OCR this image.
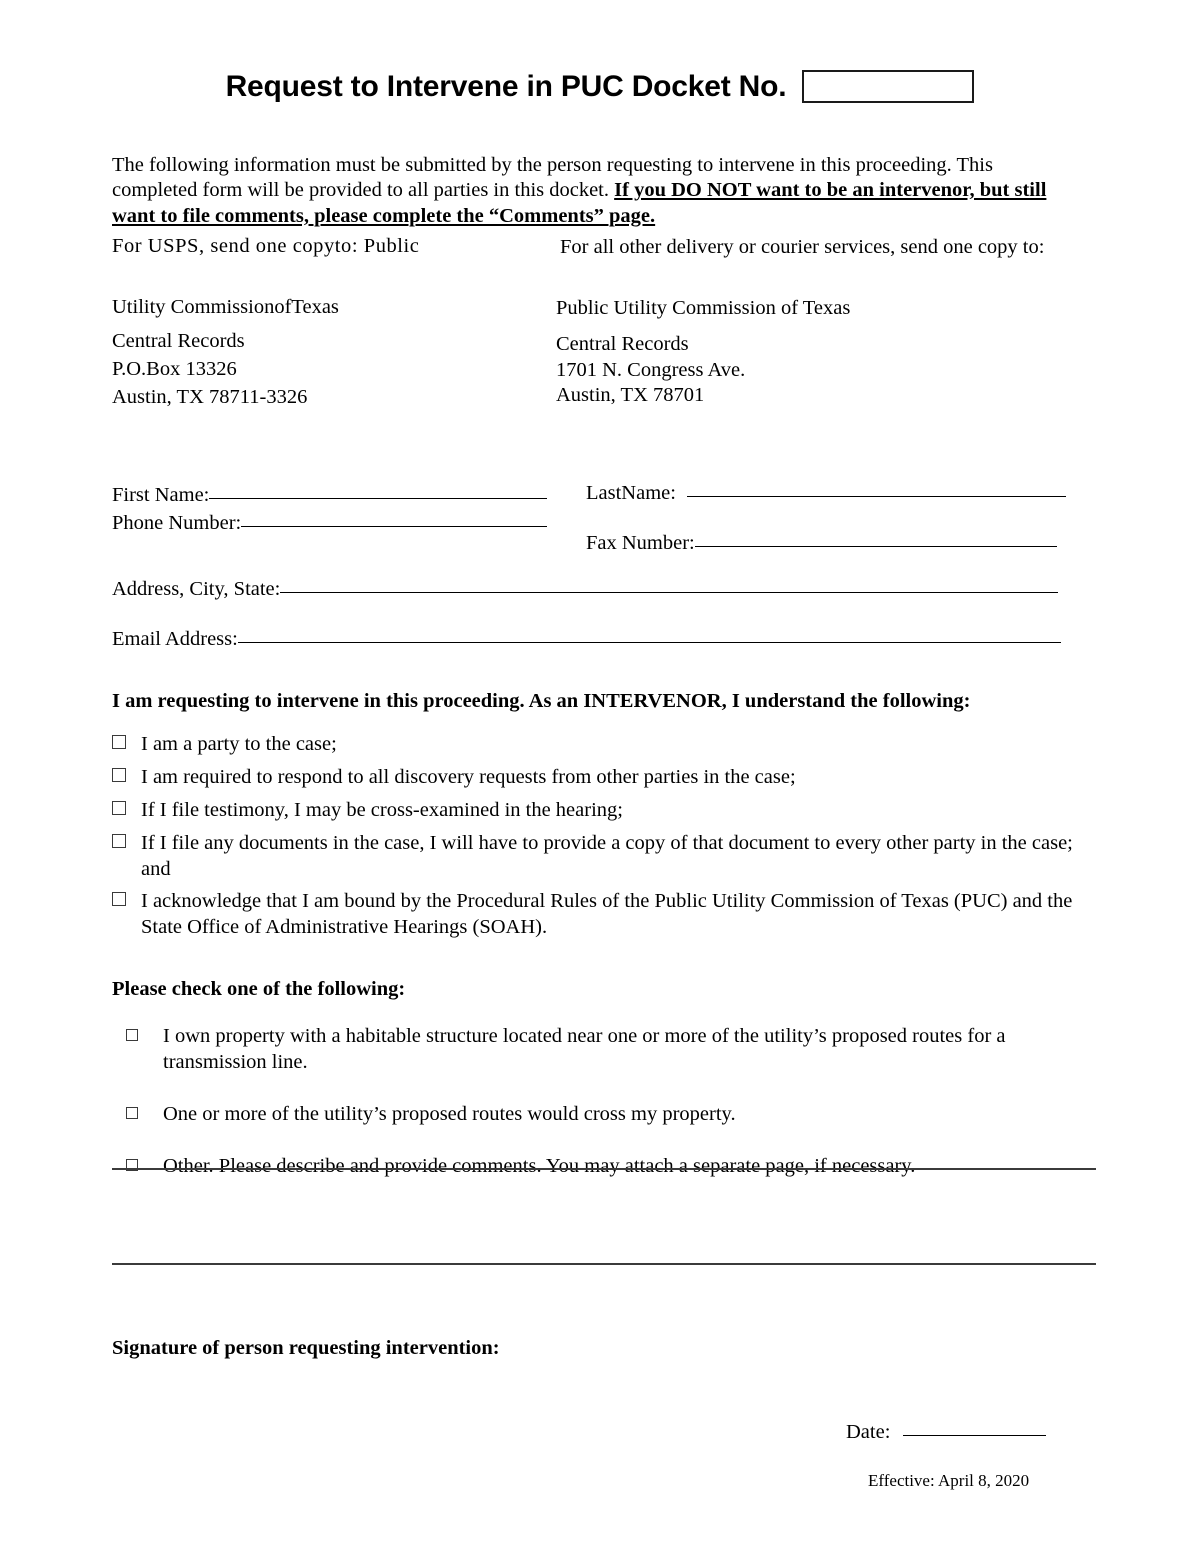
Request to Intervene in PUC Docket No.

The following information must be submitted by the person requesting to intervene in this proceeding. This completed form will be provided to all parties in this docket. If you DO NOT want to be an intervenor, but still want to file comments, please complete the “Comments” page.

For USPS, send one copyto: Public

Utility CommissionofTexas

Central Records

P.O.Box 13326

Austin, TX 78711-3326

For all other delivery or courier services, send one copy to:

Public Utility Commission of Texas

Central Records

1701 N. Congress Ave.

Austin, TX 78701

First Name:	LastName:
Phone Number:
Fax Number:
Address, City, State:
Email Address:
I am requesting to intervene in this proceeding. As an INTERVENOR, I understand the following:
I am a party to the case;
I am required to respond to all discovery requests from other parties in the case;
If I file testimony, I may be cross-examined in the hearing;
If I file any documents in the case, I will have to provide a copy of that document to every other party in the case; and
I acknowledge that I am bound by the Procedural Rules of the Public Utility Commission of Texas (PUC) and the State Office of Administrative Hearings (SOAH).
Please check one of the following:
I own property with a habitable structure located near one or more of the utility’s proposed routes for a transmission line.
One or more of the utility’s proposed routes would cross my property.
Other. Please describe and provide comments. You may attach a separate page, if necessary.
Signature of person requesting intervention:
Date:
Effective: April 8, 2020
